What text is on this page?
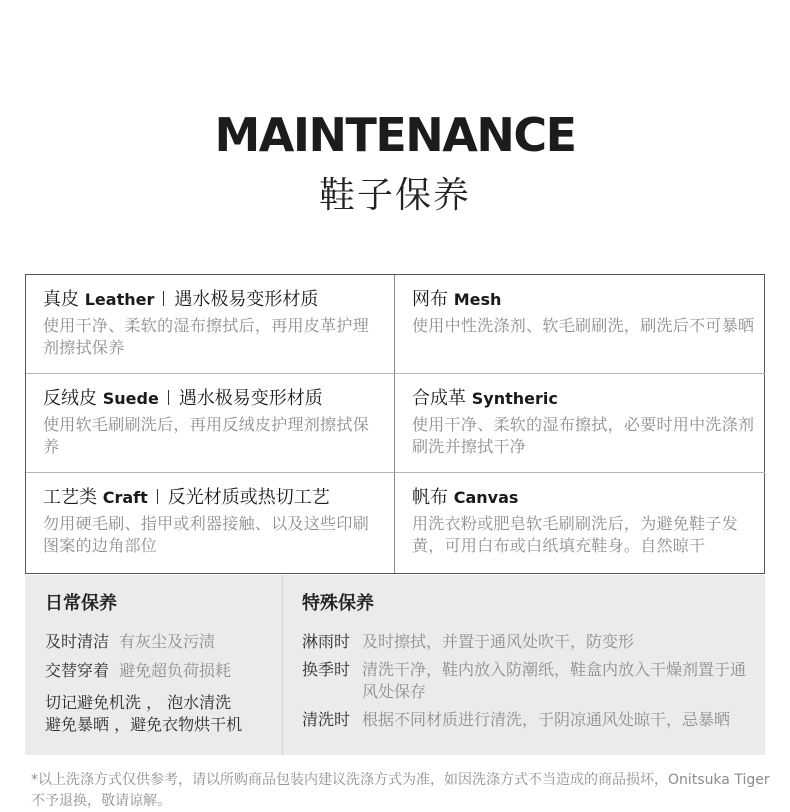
MAINTENANCE
鞋子保养
真皮 Leather 遇水极易变形材质
使用干净、柔软的湿布擦拭后，再用皮革护理剂擦拭保养
网布 Mesh
使用中性洗涤剂、软毛刷刷洗，刷洗后不可暴晒
反绒皮 Suede 遇水极易变形材质
使用软毛刷刷洗后，再用反绒皮护理剂擦拭保养
合成革 Syntheric
使用干净、柔软的湿布擦拭，必要时用中洗涤剂刷洗并擦拭干净
工艺类 Craft 反光材质或热切工艺
勿用硬毛刷、指甲或利器接触、以及这些印刷图案的边角部位
帆布 Canvas
用洗衣粉或肥皂软毛刷刷洗后，为避免鞋子发黄，可用白布或白纸填充鞋身。自然晾干
日常保养
及时清洁 有灰尘及污渍
交替穿着 避免超负荷损耗
切记避免机洗 ， 泡水清洗
避免暴晒 ，避免衣物烘干机
特殊保养
淋雨时 及时擦拭，并置于通风处吹干，防变形
换季时 清洗干净，鞋内放入防潮纸，鞋盒内放入干燥剂置于通风处保存
清洗时 根据不同材质进行清洗，于阴凉通风处晾干，忌暴晒
*以上洗涤方式仅供参考，请以所购商品包装内建议洗涤方式为准，如因洗涤方式不当造成的商品损坏，Onitsuka Tiger不予退换，敬请谅解。
